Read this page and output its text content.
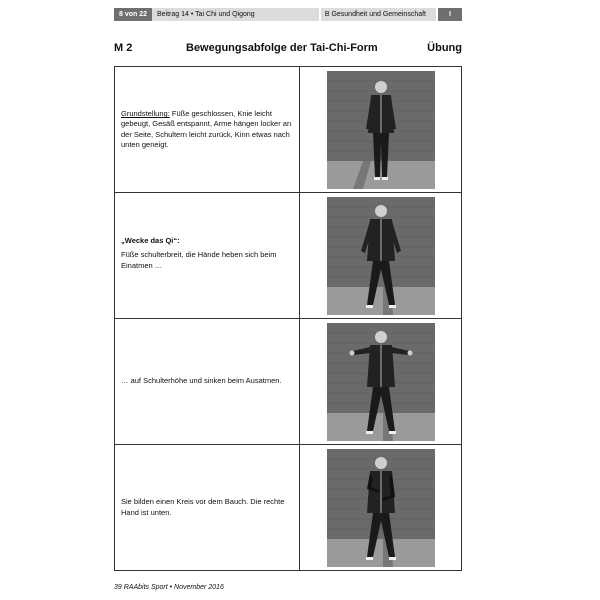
8 von 22	Beitrag 14 • Tai Chi und Qigong	B Gesundheit und Gemeinschaft	I
M 2	Bewegungsabfolge der Tai-Chi-Form	Übung
Grundstellung: Füße geschlossen, Knie leicht gebeugt, Gesäß entspannt, Arme hängen locker an der Seite, Schultern leicht zurück, Kinn etwas nach unten geneigt.	

„Wecke das Qi“:

Füße schulterbreit, die Hände heben sich beim Einatmen …

… auf Schulterhöhe und sinken beim Ausatmen.	
Sie bilden einen Kreis vor dem Bauch. Die rechte Hand ist unten.	
39 RAAbits Sport • November 2016
